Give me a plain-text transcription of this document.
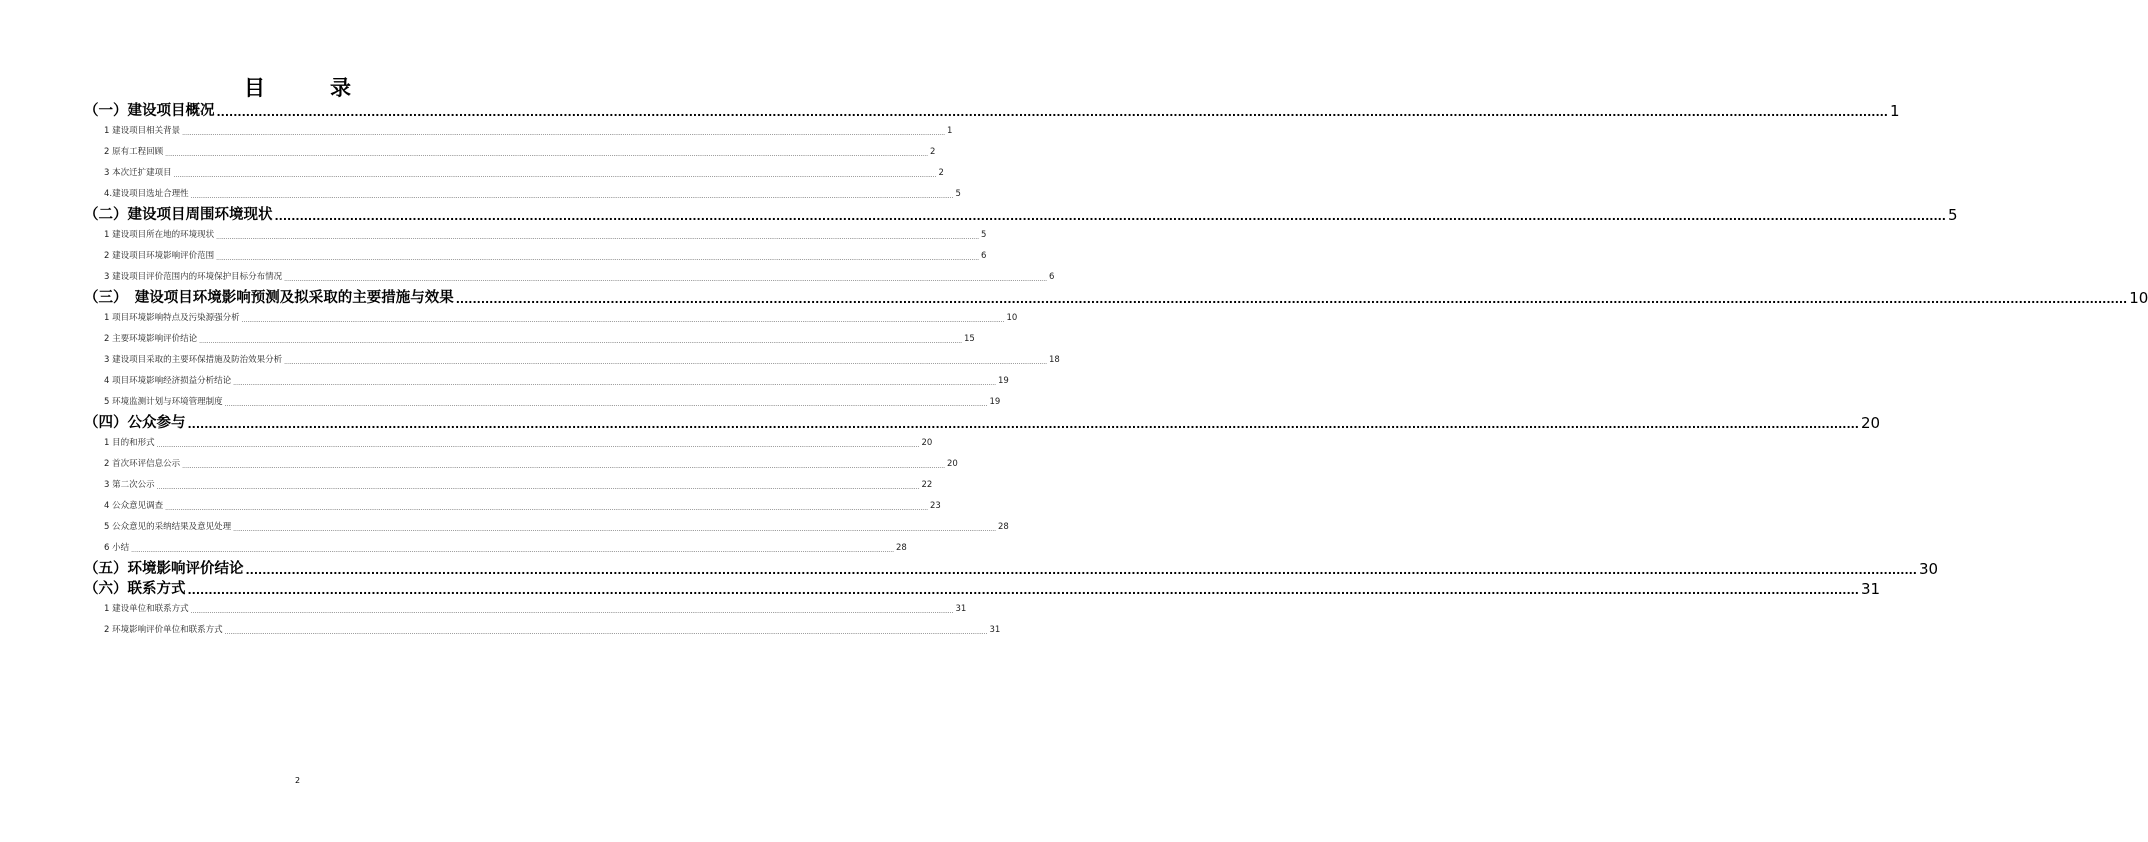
目　录
（一）建设项目概况 ................................................................................................................................................................................................................................................................................................................................................................................................................ 1
1 建设项目相关背景 ................................................................................................................................................................................................................................................................................................................................................................................................................ 1
2 原有工程回顾 ................................................................................................................................................................................................................................................................................................................................................................................................................ 2
3 本次迁扩建项目 ................................................................................................................................................................................................................................................................................................................................................................................................................ 2
4.建设项目选址合理性 ................................................................................................................................................................................................................................................................................................................................................................................................................ 5
（二）建设项目周围环境现状 ................................................................................................................................................................................................................................................................................................................................................................................................................ 5
1 建设项目所在地的环境现状 ................................................................................................................................................................................................................................................................................................................................................................................................................ 5
2 建设项目环境影响评价范围 ................................................................................................................................................................................................................................................................................................................................................................................................................ 6
3 建设项目评价范围内的环境保护目标分布情况 ................................................................................................................................................................................................................................................................................................................................................................................................................ 6
（三）　建设项目环境影响预测及拟采取的主要措施与效果 ................................................................................................................................................................................................................................................................................................................................................................................................................ 10
1 项目环境影响特点及污染源强分析 ................................................................................................................................................................................................................................................................................................................................................................................................................ 10
2 主要环境影响评价结论 ................................................................................................................................................................................................................................................................................................................................................................................................................ 15
3 建设项目采取的主要环保措施及防治效果分析 ................................................................................................................................................................................................................................................................................................................................................................................................................ 18
4 项目环境影响经济损益分析结论 ................................................................................................................................................................................................................................................................................................................................................................................................................ 19
5 环境监测计划与环境管理制度 ................................................................................................................................................................................................................................................................................................................................................................................................................ 19
（四）公众参与 ................................................................................................................................................................................................................................................................................................................................................................................................................ 20
1 目的和形式 ................................................................................................................................................................................................................................................................................................................................................................................................................ 20
2 首次环评信息公示 ................................................................................................................................................................................................................................................................................................................................................................................................................ 20
3 第二次公示 ................................................................................................................................................................................................................................................................................................................................................................................................................ 22
4 公众意见调查 ................................................................................................................................................................................................................................................................................................................................................................................................................ 23
5 公众意见的采纳结果及意见处理 ................................................................................................................................................................................................................................................................................................................................................................................................................ 28
6 小结 ................................................................................................................................................................................................................................................................................................................................................................................................................ 28
（五）环境影响评价结论 ................................................................................................................................................................................................................................................................................................................................................................................................................ 30
（六）联系方式 ................................................................................................................................................................................................................................................................................................................................................................................................................ 31
1 建设单位和联系方式 ................................................................................................................................................................................................................................................................................................................................................................................................................ 31
2 环境影响评价单位和联系方式 ................................................................................................................................................................................................................................................................................................................................................................................................................ 31
2
